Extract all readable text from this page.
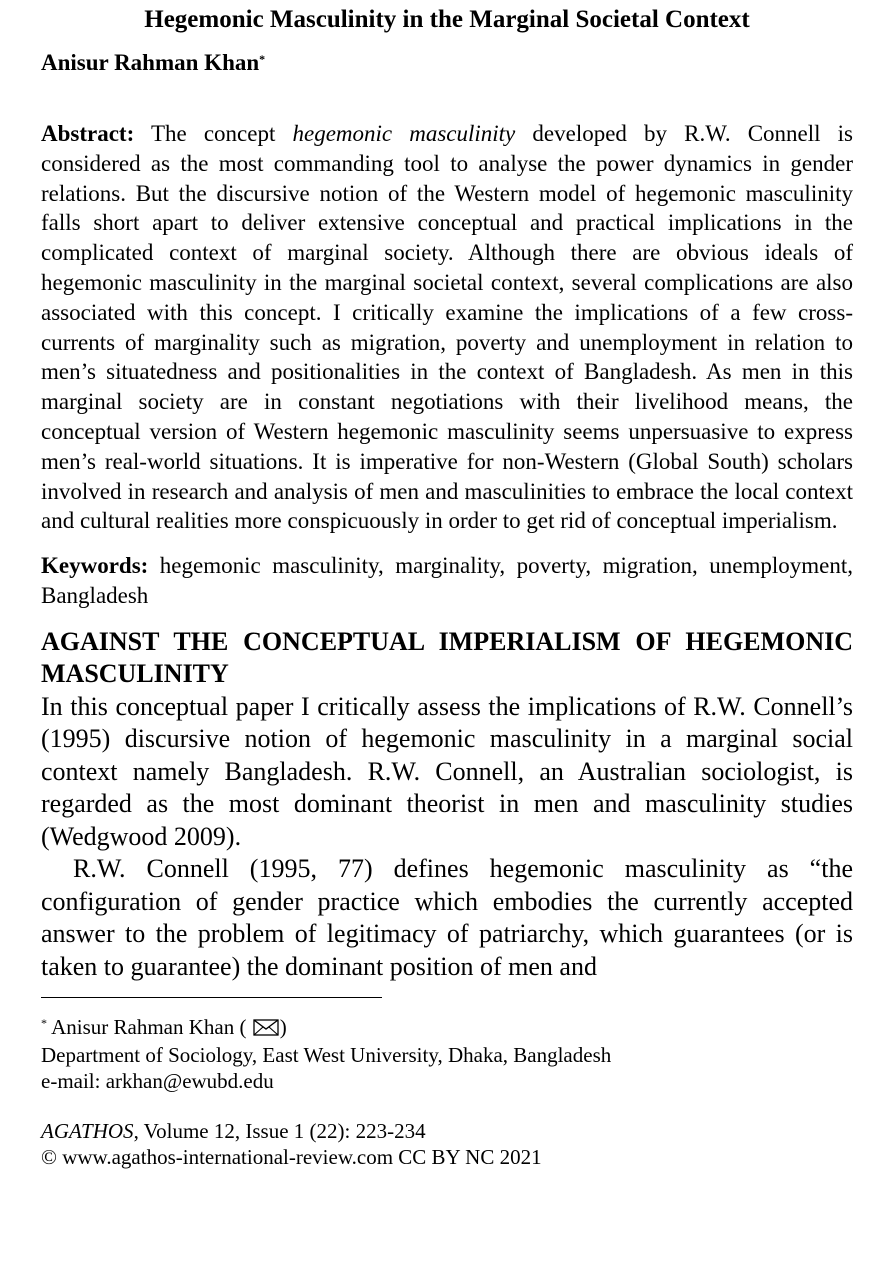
Hegemonic Masculinity in the Marginal Societal Context
Anisur Rahman Khan*

Abstract: The concept hegemonic masculinity developed by R.W. Connell is considered as the most commanding tool to analyse the power dynamics in gender relations. But the discursive notion of the Western model of hegemonic masculinity falls short apart to deliver extensive conceptual and practical implications in the complicated context of marginal society. Although there are obvious ideals of hegemonic masculinity in the marginal societal context, several complications are also associated with this concept. I critically examine the implications of a few cross-currents of marginality such as migration, poverty and unemployment in relation to men’s situatedness and positionalities in the context of Bangladesh. As men in this marginal society are in constant negotiations with their livelihood means, the conceptual version of Western hegemonic masculinity seems unpersuasive to express men’s real-world situations. It is imperative for non-Western (Global South) scholars involved in research and analysis of men and masculinities to embrace the local context and cultural realities more conspicuously in order to get rid of conceptual imperialism.

Keywords: hegemonic masculinity, marginality, poverty, migration, unemployment, Bangladesh

AGAINST THE CONCEPTUAL IMPERIALISM OF HEGEMONIC MASCULINITY

In this conceptual paper I critically assess the implications of R.W. Connell’s (1995) discursive notion of hegemonic masculinity in a marginal social context namely Bangladesh. R.W. Connell, an Australian sociologist, is regarded as the most dominant theorist in men and masculinity studies (Wedgwood 2009).

R.W. Connell (1995, 77) defines hegemonic masculinity as “the configuration of gender practice which embodies the currently accepted answer to the problem of legitimacy of patriarchy, which guarantees (or is taken to guarantee) the dominant position of men and

* Anisur Rahman Khan ( )
Department of Sociology, East West University, Dhaka, Bangladesh
e-mail: arkhan@ewubd.edu
AGATHOS, Volume 12, Issue 1 (22): 223-234
© www.agathos-international-review.com CC BY NC 2021
